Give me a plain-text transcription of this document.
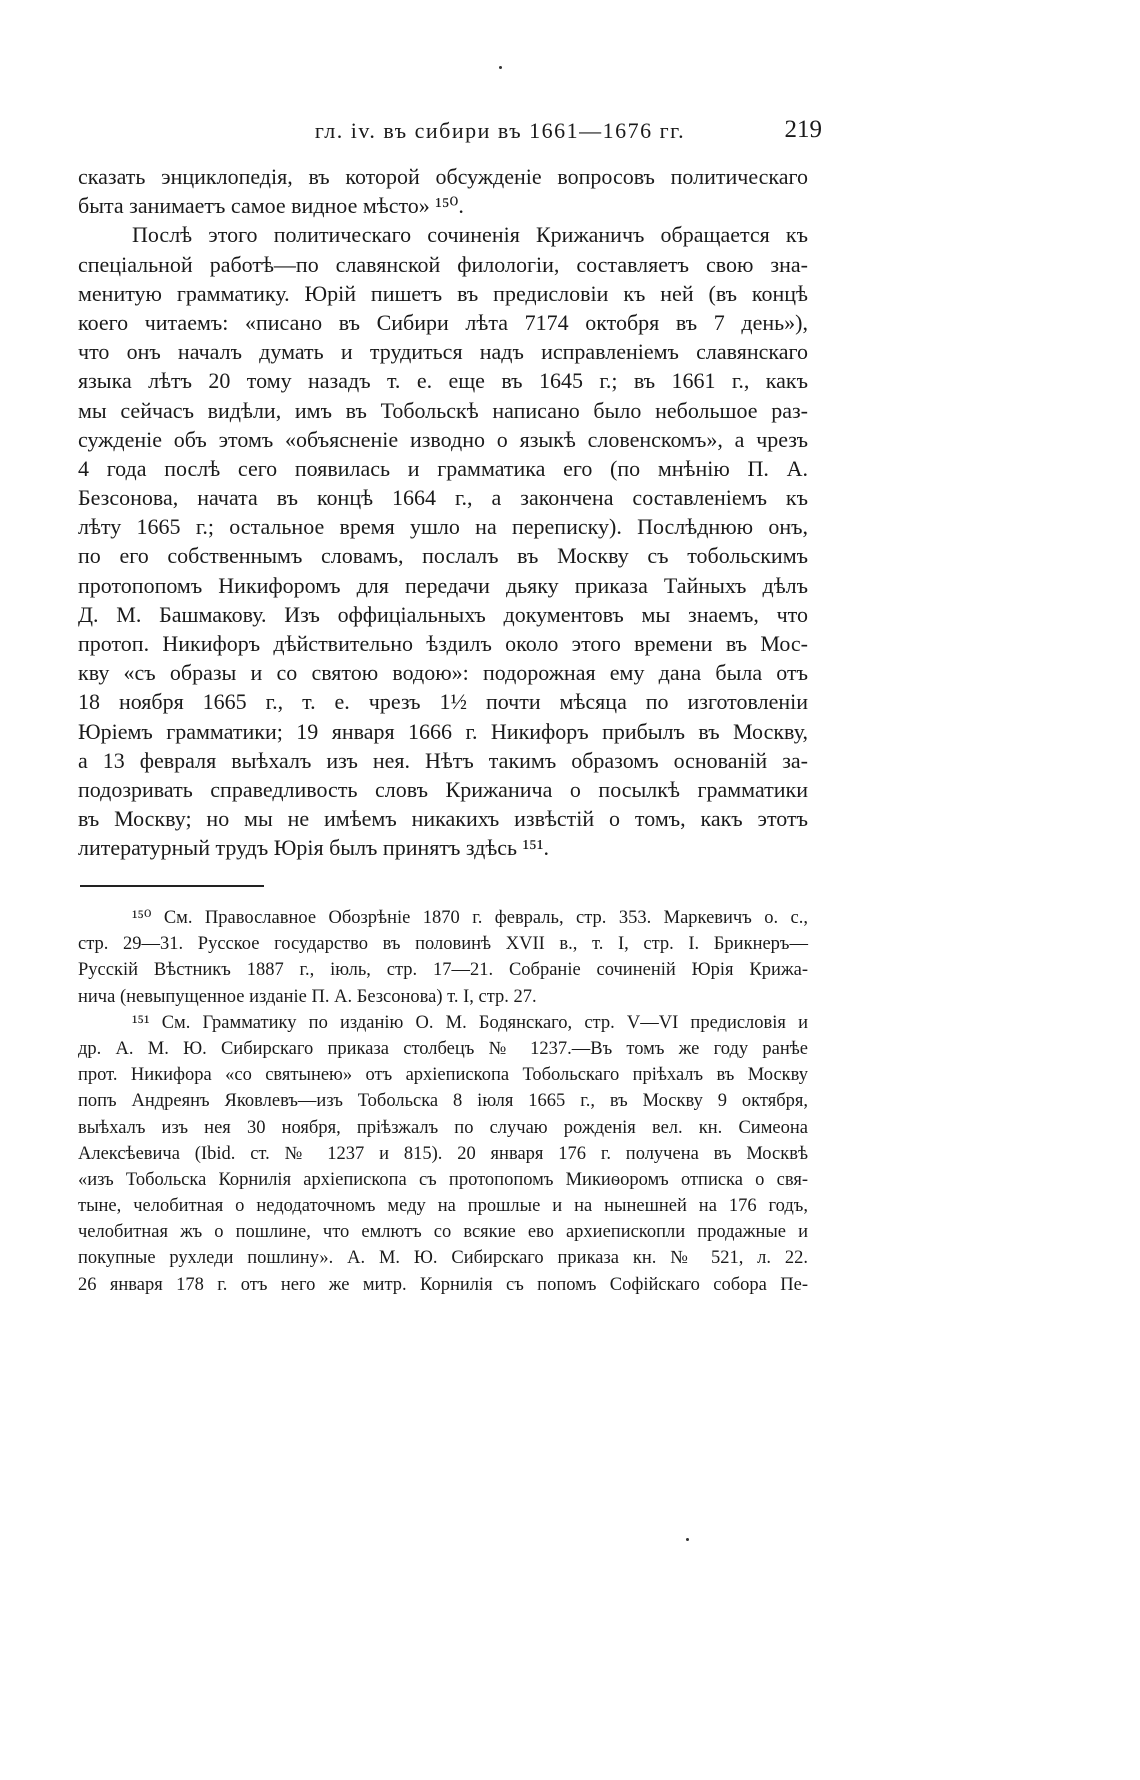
гл. iv. въ сибири въ 1661—1676 гг.	219
сказать энциклопедія, въ которой обсужденіе вопросовъ политическаго
быта занимаетъ самое видное мѣсто» ¹⁵⁰.
Послѣ этого политическаго сочиненія Крижаничъ обращается къ
спеціальной работѣ—по славянской филологіи, составляетъ свою зна-
менитую грамматику. Юрій пишетъ въ предисловіи къ ней (въ концѣ
коего читаемъ: «писано въ Сибири лѣта 7174 октобря въ 7 день»),
что онъ началъ думать и трудиться надъ исправленіемъ славянскаго
языка лѣтъ 20 тому назадъ т. е. еще въ 1645 г.; въ 1661 г., какъ
мы сейчасъ видѣли, имъ въ Тобольскѣ написано было небольшое раз-
сужденіе объ этомъ «объясненіе изводно о языкѣ словенскомъ», а чрезъ
4 года послѣ сего появилась и грамматика его (по мнѣнію П. А.
Безсонова, начата въ концѣ 1664 г., а закончена составленіемъ къ
лѣту 1665 г.; остальное время ушло на переписку). Послѣднюю онъ,
по его собственнымъ словамъ, послалъ въ Москву съ тобольскимъ
протопопомъ Никифоромъ для передачи дьяку приказа Тайныхъ дѣлъ
Д. М. Башмакову. Изъ оффиціальныхъ документовъ мы знаемъ, что
протоп. Никифоръ дѣйствительно ѣздилъ около этого времени въ Мос-
кву «съ образы и со святою водою»: подорожная ему дана была отъ
18 ноября 1665 г., т. е. чрезъ 1½ почти мѣсяца по изготовленіи
Юріемъ грамматики; 19 января 1666 г. Никифоръ прибылъ въ Москву,
а 13 февраля выѣхалъ изъ нея. Нѣтъ такимъ образомъ основаній за-
подозривать справедливость словъ Крижанича о посылкѣ грамматики
въ Москву; но мы не имѣемъ никакихъ извѣстій о томъ, какъ этотъ
литературный трудъ Юрія былъ принятъ здѣсь ¹⁵¹.
¹⁵⁰ См. Православное Обозрѣніе 1870 г. февраль, стр. 353. Маркевичъ о. с.,
стр. 29—31. Русское государство въ половинѣ XVII в., т. I, стр. I. Брикнеръ—
Русскій Вѣстникъ 1887 г., іюль, стр. 17—21. Собраніе сочиненій Юрія Крижа-
нича (невыпущенное изданіе П. А. Безсонова) т. I, стр. 27.
¹⁵¹ См. Грамматику по изданію О. М. Бодянскаго, стр. V—VI предисловія и
др. А. М. Ю. Сибирскаго приказа столбецъ № 1237.—Въ томъ же году ранѣе
прот. Никифора «со святынею» отъ архіепископа Тобольскаго пріѣхалъ въ Москву
попъ Андреянъ Яковлевъ—изъ Тобольска 8 іюля 1665 г., въ Москву 9 октября,
выѣхалъ изъ нея 30 ноября, пріѣзжалъ по случаю рожденія вел. кн. Симеона
Алексѣевича (Ibid. ст. № 1237 и 815). 20 января 176 г. получена въ Москвѣ
«изъ Тобольска Корнилія архіепископа съ протопопомъ Микиѳоромъ отписка о свя-
тыне, челобитная о недодаточномъ меду на прошлые и на нынешней на 176 годъ,
челобитная жъ о пошлине, что емлютъ со всякие ево архиепископли продажные и
покупные рухледи пошлину». А. М. Ю. Сибирскаго приказа кн. № 521, л. 22.
26 января 178 г. отъ него же митр. Корнилія съ попомъ Софійскаго собора Пе-
